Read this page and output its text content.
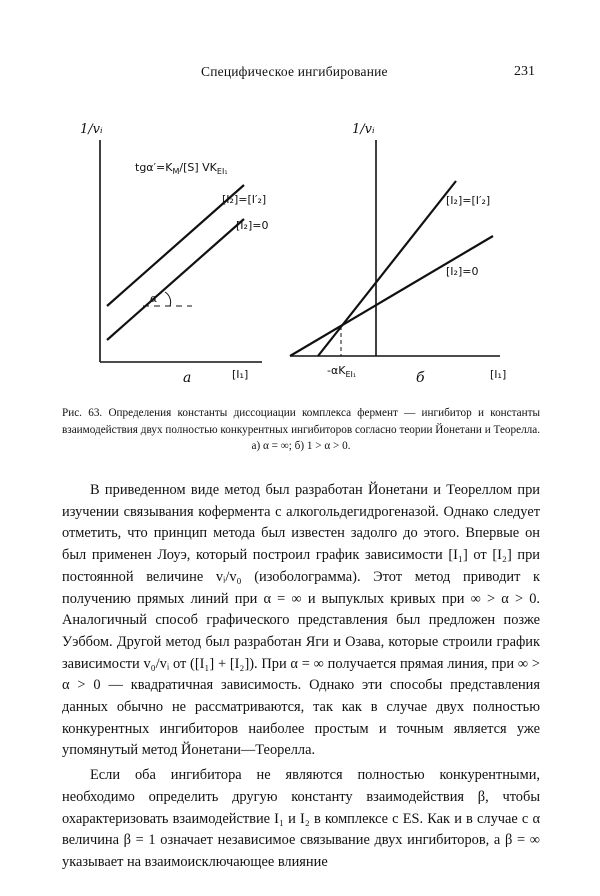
Специфическое ингибирование	231
1/vᵢ
$tg\alpha'=K_M/[S]$ $VK_{EI_1}$
[I₂]=[I′₂]
[I₂]=0
α′
а	[I₁]
1/vᵢ
[I₂]=[I′₂]
[I₂]=0
$-\alpha K_{EI_1}$	б	[I₁]
Рис. 63. Определения константы диссоциации комплекса фермент — ингибитор и константы взаимодействия двух полностью конкурентных ингибиторов согласно теории Йонетани и Теорелла. а) α = ∞; б) 1 > α > 0.

В приведенном виде метод был разработан Йонетани и Теореллом при изучении связывания кофермента с алкогольдегидрогеназой. Однако следует отметить, что принцип метода был известен задолго до этого. Впервые он был применен Лоуэ, который построил график зависимости [I₁] от [I₂] при постоянной величине vᵢ/v₀ (изоболограмма). Этот метод приводит к получению прямых линий при α = ∞ и выпуклых кривых при ∞ > α > 0. Аналогичный способ графического представления был предложен позже Уэббом. Другой метод был разработан Яги и Озава, которые строили график зависимости v₀/vᵢ от ([I₁] + [I₂]). При α = ∞ получается прямая линия, при ∞ > α > 0 — квадратичная зависимость. Однако эти способы представления данных обычно не рассматриваются, так как в случае двух полностью конкурентных ингибиторов наиболее простым и точным является уже упомянутый метод Йонетани—Теорелла.

Если оба ингибитора не являются полностью конкурентными, необходимо определить другую константу взаимодействия β, чтобы охарактеризовать взаимодействие I₁ и I₂ в комплексе с ES. Как и в случае с α величина β = 1 означает независимое связывание двух ингибиторов, а β = ∞ указывает на взаимоисключающее влияние
